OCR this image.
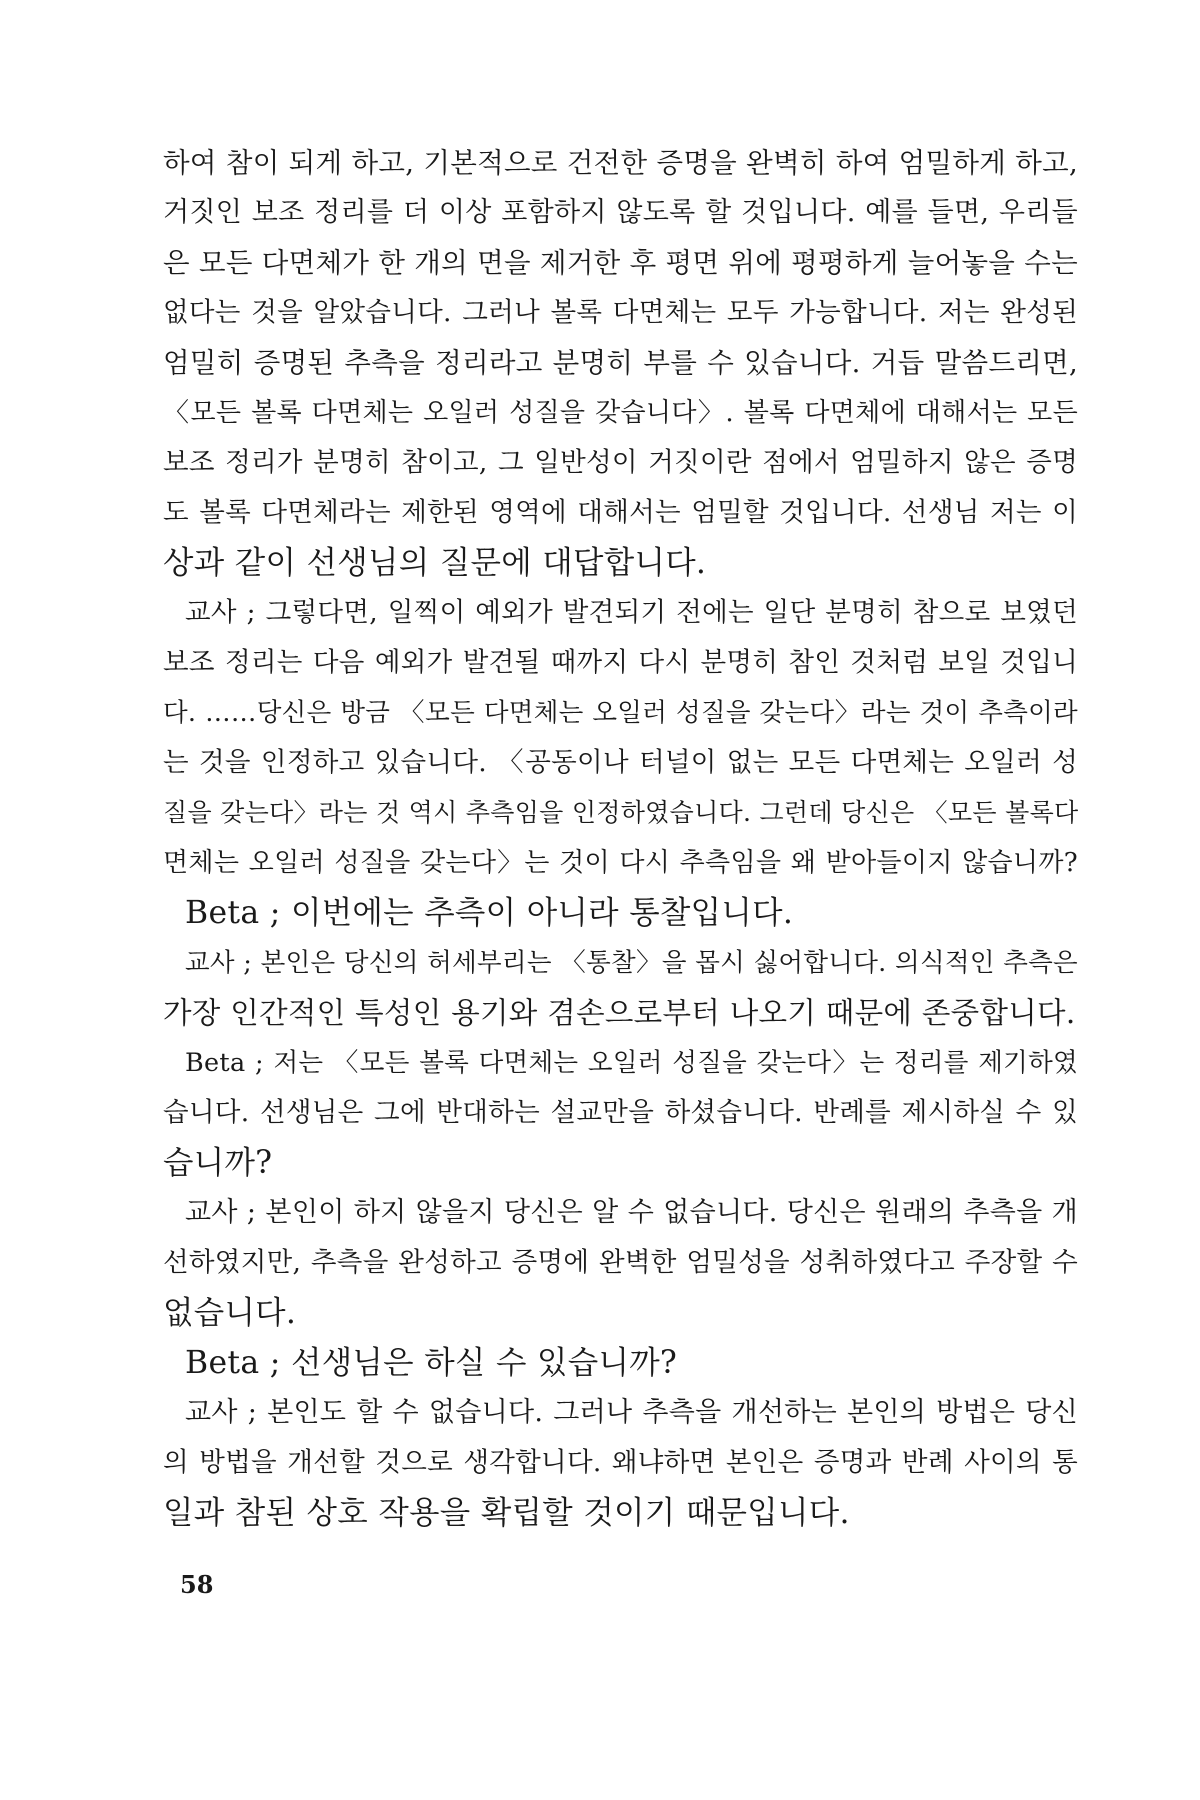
하여 참이 되게 하고, 기본적으로 건전한 증명을 완벽히 하여 엄밀하게 하고,
거짓인 보조 정리를 더 이상 포함하지 않도록 할 것입니다. 예를 들면, 우리들
은 모든 다면체가 한 개의 면을 제거한 후 평면 위에 평평하게 늘어놓을 수는
없다는 것을 알았습니다. 그러나 볼록 다면체는 모두 가능합니다. 저는 완성된
엄밀히 증명된 추측을 정리라고 분명히 부를 수 있습니다. 거듭 말씀드리면,
〈모든 볼록 다면체는 오일러 성질을 갖습니다〉. 볼록 다면체에 대해서는 모든
보조 정리가 분명히 참이고, 그 일반성이 거짓이란 점에서 엄밀하지 않은 증명
도 볼록 다면체라는 제한된 영역에 대해서는 엄밀할 것입니다. 선생님 저는 이
상과 같이 선생님의 질문에 대답합니다.
교사 ; 그렇다면, 일찍이 예외가 발견되기 전에는 일단 분명히 참으로 보였던
보조 정리는 다음 예외가 발견될 때까지 다시 분명히 참인 것처럼 보일 것입니
다. ……당신은 방금 〈모든 다면체는 오일러 성질을 갖는다〉라는 것이 추측이라
는 것을 인정하고 있습니다. 〈공동이나 터널이 없는 모든 다면체는 오일러 성
질을 갖는다〉라는 것 역시 추측임을 인정하였습니다. 그런데 당신은 〈모든 볼록다
면체는 오일러 성질을 갖는다〉는 것이 다시 추측임을 왜 받아들이지 않습니까?
Beta ; 이번에는 추측이 아니라 통찰입니다.
교사 ; 본인은 당신의 허세부리는 〈통찰〉을 몹시 싫어합니다. 의식적인 추측은
가장 인간적인 특성인 용기와 겸손으로부터 나오기 때문에 존중합니다.
Beta ; 저는 〈모든 볼록 다면체는 오일러 성질을 갖는다〉는 정리를 제기하였
습니다. 선생님은 그에 반대하는 설교만을 하셨습니다. 반례를 제시하실 수 있
습니까?
교사 ; 본인이 하지 않을지 당신은 알 수 없습니다. 당신은 원래의 추측을 개
선하였지만, 추측을 완성하고 증명에 완벽한 엄밀성을 성취하였다고 주장할 수
없습니다.
Beta ; 선생님은 하실 수 있습니까?
교사 ; 본인도 할 수 없습니다. 그러나 추측을 개선하는 본인의 방법은 당신
의 방법을 개선할 것으로 생각합니다. 왜냐하면 본인은 증명과 반례 사이의 통
일과 참된 상호 작용을 확립할 것이기 때문입니다.
58
